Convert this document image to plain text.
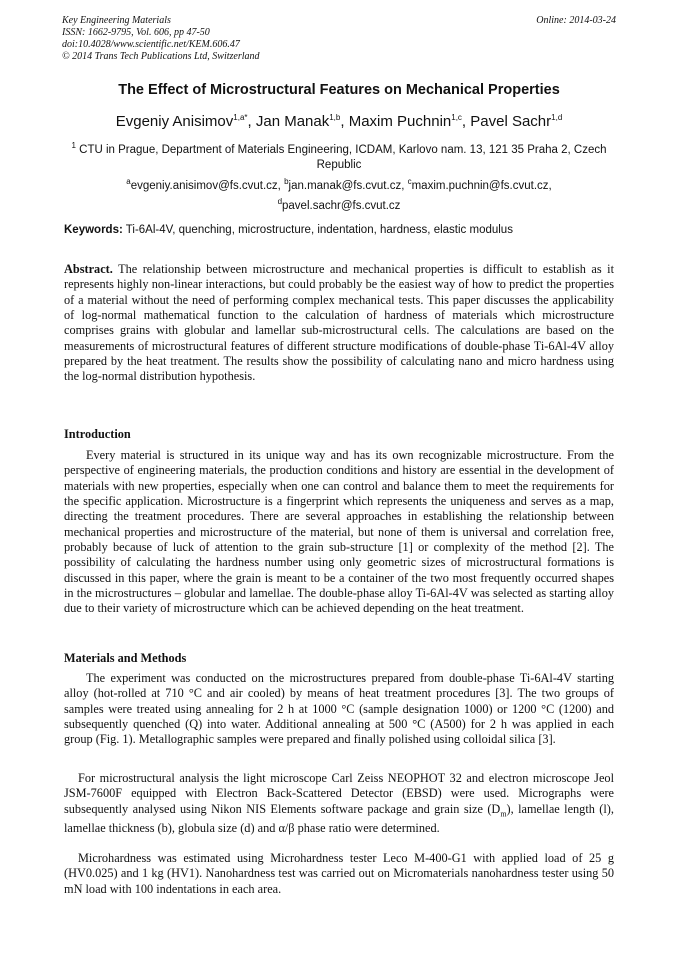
Key Engineering Materials
ISSN: 1662-9795, Vol. 606, pp 47-50
doi:10.4028/www.scientific.net/KEM.606.47
© 2014 Trans Tech Publications Ltd, Switzerland
Online: 2014-03-24
The Effect of Microstructural Features on Mechanical Properties
Evgeniy Anisimov$^{1,a*}$, Jan Manak$^{1,b}$, Maxim Puchnin$^{1,c}$, Pavel Sachr$^{1,d}$
$^1$ CTU in Prague, Department of Materials Engineering, ICDAM, Karlovo nam. 13, 121 35 Praha 2, Czech Republic
$^a$evgeniy.anisimov@fs.cvut.cz, $^b$jan.manak@fs.cvut.cz, $^c$maxim.puchnin@fs.cvut.cz,
$^d$pavel.sachr@fs.cvut.cz
Keywords: Ti-6Al-4V, quenching, microstructure, indentation, hardness, elastic modulus
Abstract. The relationship between microstructure and mechanical properties is difficult to establish as it represents highly non-linear interactions, but could probably be the easiest way of how to predict the properties of a material without the need of performing complex mechanical tests. This paper discusses the applicability of log-normal mathematical function to the calculation of hardness of materials which microstructure comprises grains with globular and lamellar sub-microstructural cells. The calculations are based on the measurements of microstructural features of different structure modifications of double-phase Ti-6Al-4V alloy prepared by the heat treatment. The results show the possibility of calculating nano and micro hardness using the log-normal distribution hypothesis.
Introduction
Every material is structured in its unique way and has its own recognizable microstructure. From the perspective of engineering materials, the production conditions and history are essential in the development of materials with new properties, especially when one can control and balance them to meet the requirements for the specific application. Microstructure is a fingerprint which represents the uniqueness and serves as a map, directing the treatment procedures. There are several approaches in establishing the relationship between mechanical properties and microstructure of the material, but none of them is universal and correlation free, probably because of luck of attention to the grain sub-structure [1] or complexity of the method [2]. The possibility of calculating the hardness number using only geometric sizes of microstructural formations is discussed in this paper, where the grain is meant to be a container of the two most frequently occurred shapes in the microstructures – globular and lamellae. The double-phase alloy Ti-6Al-4V was selected as starting alloy due to their variety of microstructure which can be achieved depending on the heat treatment.
Materials and Methods
The experiment was conducted on the microstructures prepared from double-phase Ti-6Al-4V starting alloy (hot-rolled at 710 °C and air cooled) by means of heat treatment procedures [3]. The two groups of samples were treated using annealing for 2 h at 1000 °C (sample designation 1000) or 1200 °C (1200) and subsequently quenched (Q) into water. Additional annealing at 500 °C (A500) for 2 h was applied in each group (Fig. 1). Metallographic samples were prepared and finally polished using colloidal silica [3].
For microstructural analysis the light microscope Carl Zeiss NEOPHOT 32 and electron microscope Jeol JSM-7600F equipped with Electron Back-Scattered Detector (EBSD) were used. Micrographs were subsequently analysed using Nikon NIS Elements software package and grain size $(D_m)$, lamellae length (l), lamellae thickness (b), globula size (d) and α/β phase ratio were determined.
Microhardness was estimated using Microhardness tester Leco M-400-G1 with applied load of 25 g (HV0.025) and 1 kg (HV1). Nanohardness test was carried out on Micromaterials nanohardness tester using 50 mN load with 100 indentations in each area.
